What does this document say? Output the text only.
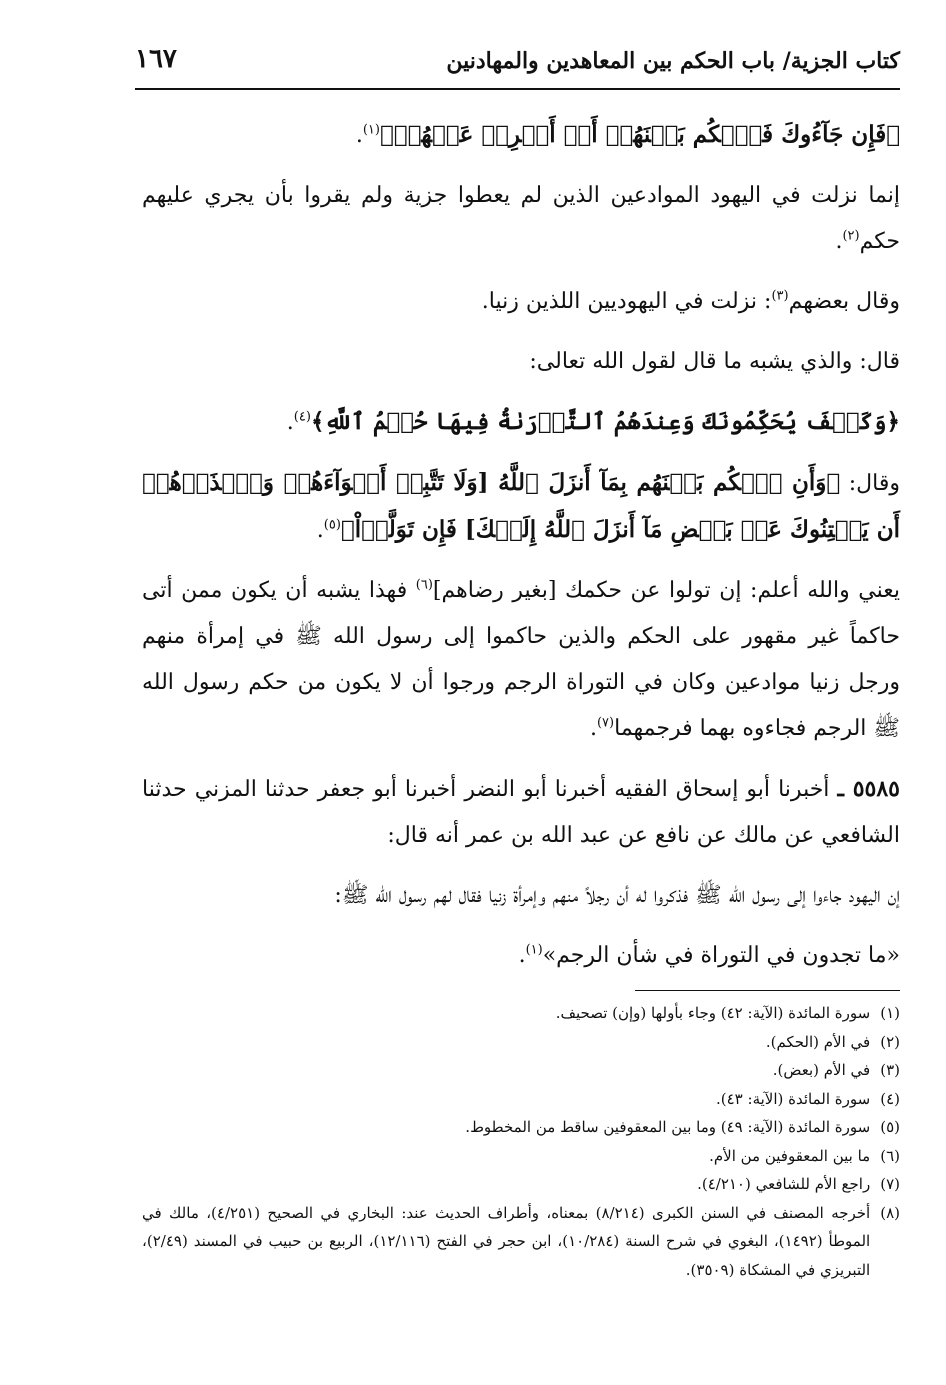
كتاب الجزية/ باب الحكم بين المعاهدين والمهادنين
١٦٧

﴿فَإِن جَآءُوكَ فَٱحۡكُم بَيۡنَهُمۡ أَوۡ أَعۡرِضۡ عَنۡهُمۡ﴾$^{(١)}$.

إنما نزلت في اليهود الموادعين الذين لم يعطوا جزية ولم يقروا بأن يجري عليهم حكم$^{(٢)}$.

وقال بعضهم$^{(٣)}$: نزلت في اليهوديين اللذين زنيا.

قال: والذي يشبه ما قال لقول الله تعالى:

﴿وَكَيۡفَ يُحَكِّمُونَكَ وَعِندَهُمُ ٱلتَّوۡرَىٰةُ فِيهَا حُكۡمُ ٱللَّهِ﴾$^{(٤)}$.

وقال: ﴿وَأَنِ ٱحۡكُم بَيۡنَهُم بِمَآ أَنزَلَ ٱللَّهُ [وَلَا تَتَّبِعۡ أَهۡوَآءَهُمۡ وَٱحۡذَرۡهُمۡ أَن يَفۡتِنُوكَ عَنۢ بَعۡضِ مَآ أَنزَلَ ٱللَّهُ إِلَيۡكَ] فَإِن تَوَلَّوۡاْ﴾$^{(٥)}$.

يعني والله أعلم: إن تولوا عن حكمك [بغير رضاهم]$^{(٦)}$ فهذا يشبه أن يكون ممن أتى حاكماً غير مقهور على الحكم والذين حاكموا إلى رسول الله ﷺ في إمرأة منهم ورجل زنيا موادعين وكان في التوراة الرجم ورجوا أن لا يكون من حكم رسول الله ﷺ الرجم فجاءوه بهما فرجمهما$^{(٧)}$.

٥٥٨٥ ـ أخبرنا أبو إسحاق الفقيه أخبرنا أبو النضر أخبرنا أبو جعفر حدثنا المزني حدثنا الشافعي عن مالك عن نافع عن عبد الله بن عمر أنه قال:

إن اليهود جاءوا إلى رسول الله ﷺ فذكروا له أن رجلاً منهم وإمرأة زنيا فقال لهم رسول الله ﷺ:

«ما تجدون في التوراة في شأن الرجم»$^{(١)}$.

(١)
سورة المائدة (الآية: ٤٢) وجاء بأولها (وإن) تصحيف.
(٢)
في الأم (الحكم).
(٣)
في الأم (بعض).
(٤)
سورة المائدة (الآية: ٤٣).
(٥)
سورة المائدة (الآية: ٤٩) وما بين المعقوفين ساقط من المخطوط.
(٦)
ما بين المعقوفين من الأم.
(٧)
راجع الأم للشافعي (٤/٢١٠).
(٨)
أخرجه المصنف في السنن الكبرى (٨/٢١٤) بمعناه، وأطراف الحديث عند: البخاري في الصحيح (٤/٢٥١)، مالك في الموطأ (١٤٩٢)، البغوي في شرح السنة (١٠/٢٨٤)، ابن حجر في الفتح (١٢/١١٦)، الربيع بن حبيب في المسند (٢/٤٩)، التبريزي في المشكاة (٣٥٠٩).
